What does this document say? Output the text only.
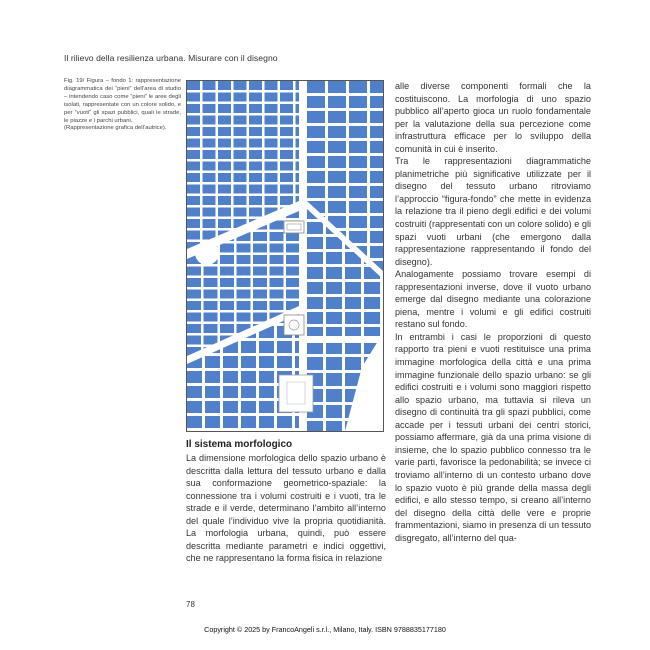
Il rilievo della resilienza urbana. Misurare con il disegno

Fig. 19/ Figura – fondo 1: rappresentazione diagrammatica dei “pieni” dell’area di studio – intendendo caso come “pieni” le aree degli isolati, rappresentate con un colore solido, e per “vuoti” gli spazi pubblici, quali le strade, le piazze e i parchi urbani.

(Rappresentazione grafica dell’autrice).

Il sistema morfologico
La dimensione morfologica dello spazio urbano è descritta dalla lettura del tessuto urbano e dalla sua conformazione geometrico-spaziale: la connessione tra i volumi costruiti e i vuoti, tra le strade e il verde, determinano l’ambito all’interno del quale l’individuo vive la propria quotidianità. La morfologia urbana, quindi, può essere descritta mediante parametri e indici oggettivi, che ne rappresentano la forma fisica in relazione

alle diverse componenti formali che la costituiscono. La morfologia di uno spazio pubblico all’aperto gioca un ruolo fondamentale per la valutazione della sua percezione come infrastruttura efficace per lo sviluppo della comunità in cui è inserito.

Tra le rappresentazioni diagrammatiche planimetriche più significative utilizzate per il disegno del tessuto urbano ritroviamo l’approccio “figura-fondo” che mette in evidenza la relazione tra il pieno degli edifici e dei volumi costruiti (rappresentati con un colore solido) e gli spazi vuoti urbani (che emergono dalla rappresentazione rappresentando il fondo del disegno).

Analogamente possiamo trovare esempi di rappresentazioni inverse, dove il vuoto urbano emerge dal disegno mediante una colorazione piena, mentre i volumi e gli edifici costruiti restano sul fondo.

In entrambi i casi le proporzioni di questo rapporto tra pieni e vuoti restituisce una prima immagine morfologica della città e una prima immagine funzionale dello spazio urbano: se gli edifici costruiti e i volumi sono maggiori rispetto allo spazio urbano, ma tuttavia si rileva un disegno di continuità tra gli spazi pubblici, come accade per i tessuti urbani dei centri storici, possiamo affermare, già da una prima visione di insieme, che lo spazio pubblico connesso tra le varie parti, favorisce la pedonabilità; se invece ci troviamo all’interno di un contesto urbano dove lo spazio vuoto è più grande della massa degli edifici, e allo stesso tempo, si creano all’interno del disegno della città delle vere e proprie frammentazioni, siamo in presenza di un tessuto disgregato, all’interno del qua-

78
Copyright © 2025 by FrancoAngeli s.r.l., Milano, Italy. ISBN 9788835177180
